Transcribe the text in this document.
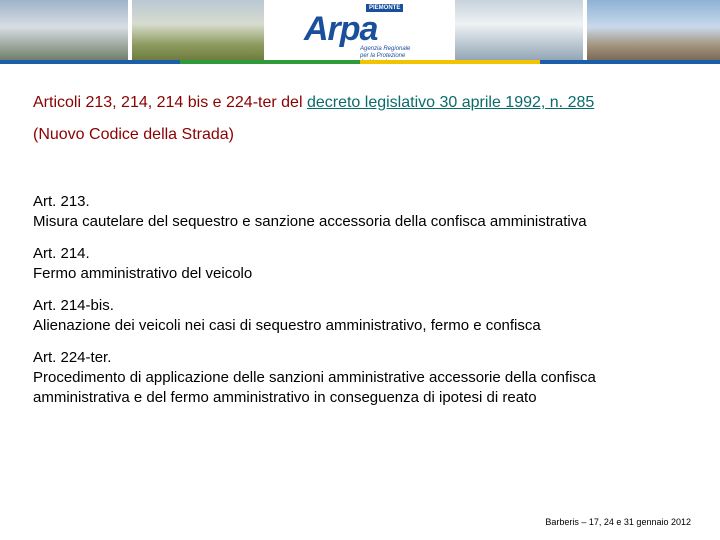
PIEMONTE
Arpa
Agenzia Regionale per la Protezione

Articoli 213, 214, 214 bis e 224-ter del decreto legislativo 30 aprile 1992, n. 285

(Nuovo Codice della Strada)

Art. 213.
Misura cautelare del sequestro e sanzione accessoria della confisca amministrativa
Art. 214.
Fermo amministrativo del veicolo
Art. 214-bis.
Alienazione dei veicoli nei casi di sequestro amministrativo, fermo e confisca
Art. 224-ter.
Procedimento di applicazione delle sanzioni amministrative accessorie della confisca amministrativa e del fermo amministrativo in conseguenza di ipotesi di reato
Barberis – 17, 24 e 31 gennaio 2012
